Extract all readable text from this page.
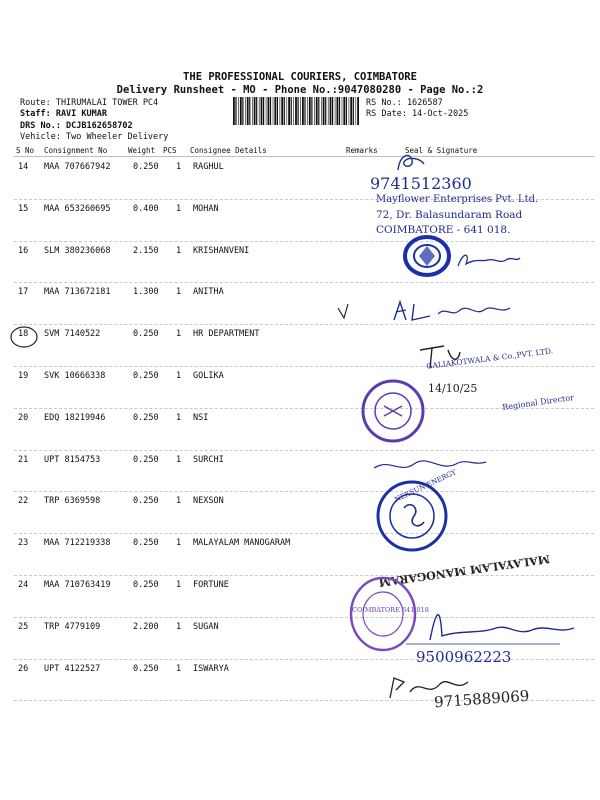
THE PROFESSIONAL COURIERS, COIMBATORE
Delivery Runsheet - MO - Phone No.:9047080280 - Page No.:2
Route: THIRUMALAI TOWER PC4
Staff: RAVI KUMAR
DRS No.: DCJB162658702
Vehicle: Two Wheeler Delivery
RS No.: 1626587
RS Date: 14-Oct-2025
S No Consignment No	Weight PCS Consignee Details	Remarks	Seal & Signature
14 MAA 707667942	0.250 1 RAGHUL
15 MAA 653260695	0.400 1 MOHAN
16 SLM 380236068	2.150 1 KRISHANVENI
17 MAA 713672181	1.300 1 ANITHA
18 SVM 7140522	0.250 1 HR DEPARTMENT
19 SVK 10666338	0.250 1 GOLIKA
20 EDQ 18219946	0.250 1 NSI
21 UPT 8154753	0.250 1 SURCHI
22 TRP 6369598	0.250 1 NEXSON
23 MAA 712219338	0.250 1 MALAYALAM MANOGARAM
24 MAA 710763419	0.250 1 FORTUNE
25 TRP 4779109	2.200 1 SUGAN
26 UPT 4122527	0.250 1 ISWARYA
9741512360
Mayflower Enterprises Pvt. Ltd.
72, Dr. Balasundaram Road
COIMBATORE - 641 018.
14/10/25
GALIAKOTWALA & Co.,PVT. LTD.
Regional Director
NEXSUN ENERGY
MALAYALAM MANOGARAM
COIMBATORE 641 018
9500962223
9715889069
